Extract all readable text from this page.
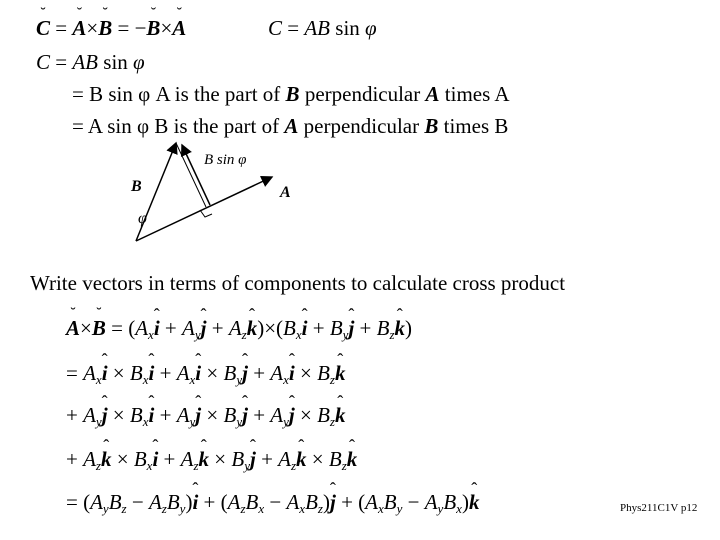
˘ C = ˘ A×˘ B = −˘ B×˘ A	C = AB sin φ
C = AB sin φ
= B sin φ A is the part of B perpendicular A times A
= A sin φ B is the part of A perpendicular B times B
B	A
B sin φ
φ
Write vectors in terms of components to calculate cross product
˘ A×˘ $B = (A_xˆ$ $i + A_yˆ$ $j + A_zˆ$ $k)\times(B_xˆ$ $i + B_yˆ$ $j + B_zˆ$ k)
= $A_xˆ$ $i \times B_xˆ$ $i + A_xˆ$ $i \times B_yˆ$ $j + A_xˆ$ $i \times B_zˆ$ k
+ $A_yˆ$ $j \times B_xˆ$ $i + A_yˆ$ $j \times B_yˆ$ $j + A_yˆ$ $j \times B_zˆ$ k
+ $A_zˆ$ $k \times B_xˆ$ $i + A_zˆ$ $k \times B_yˆ$ $j + A_zˆ$ $k \times B_zˆ$ k
= ($A_yB_z$ − $A_zB_y)ˆ$ $i + (A_zB_x$ − $A_xB_z)ˆ$ $j + (A_xB_y$ − $A_yB_x)ˆ$ k	Phys211C1V p12
